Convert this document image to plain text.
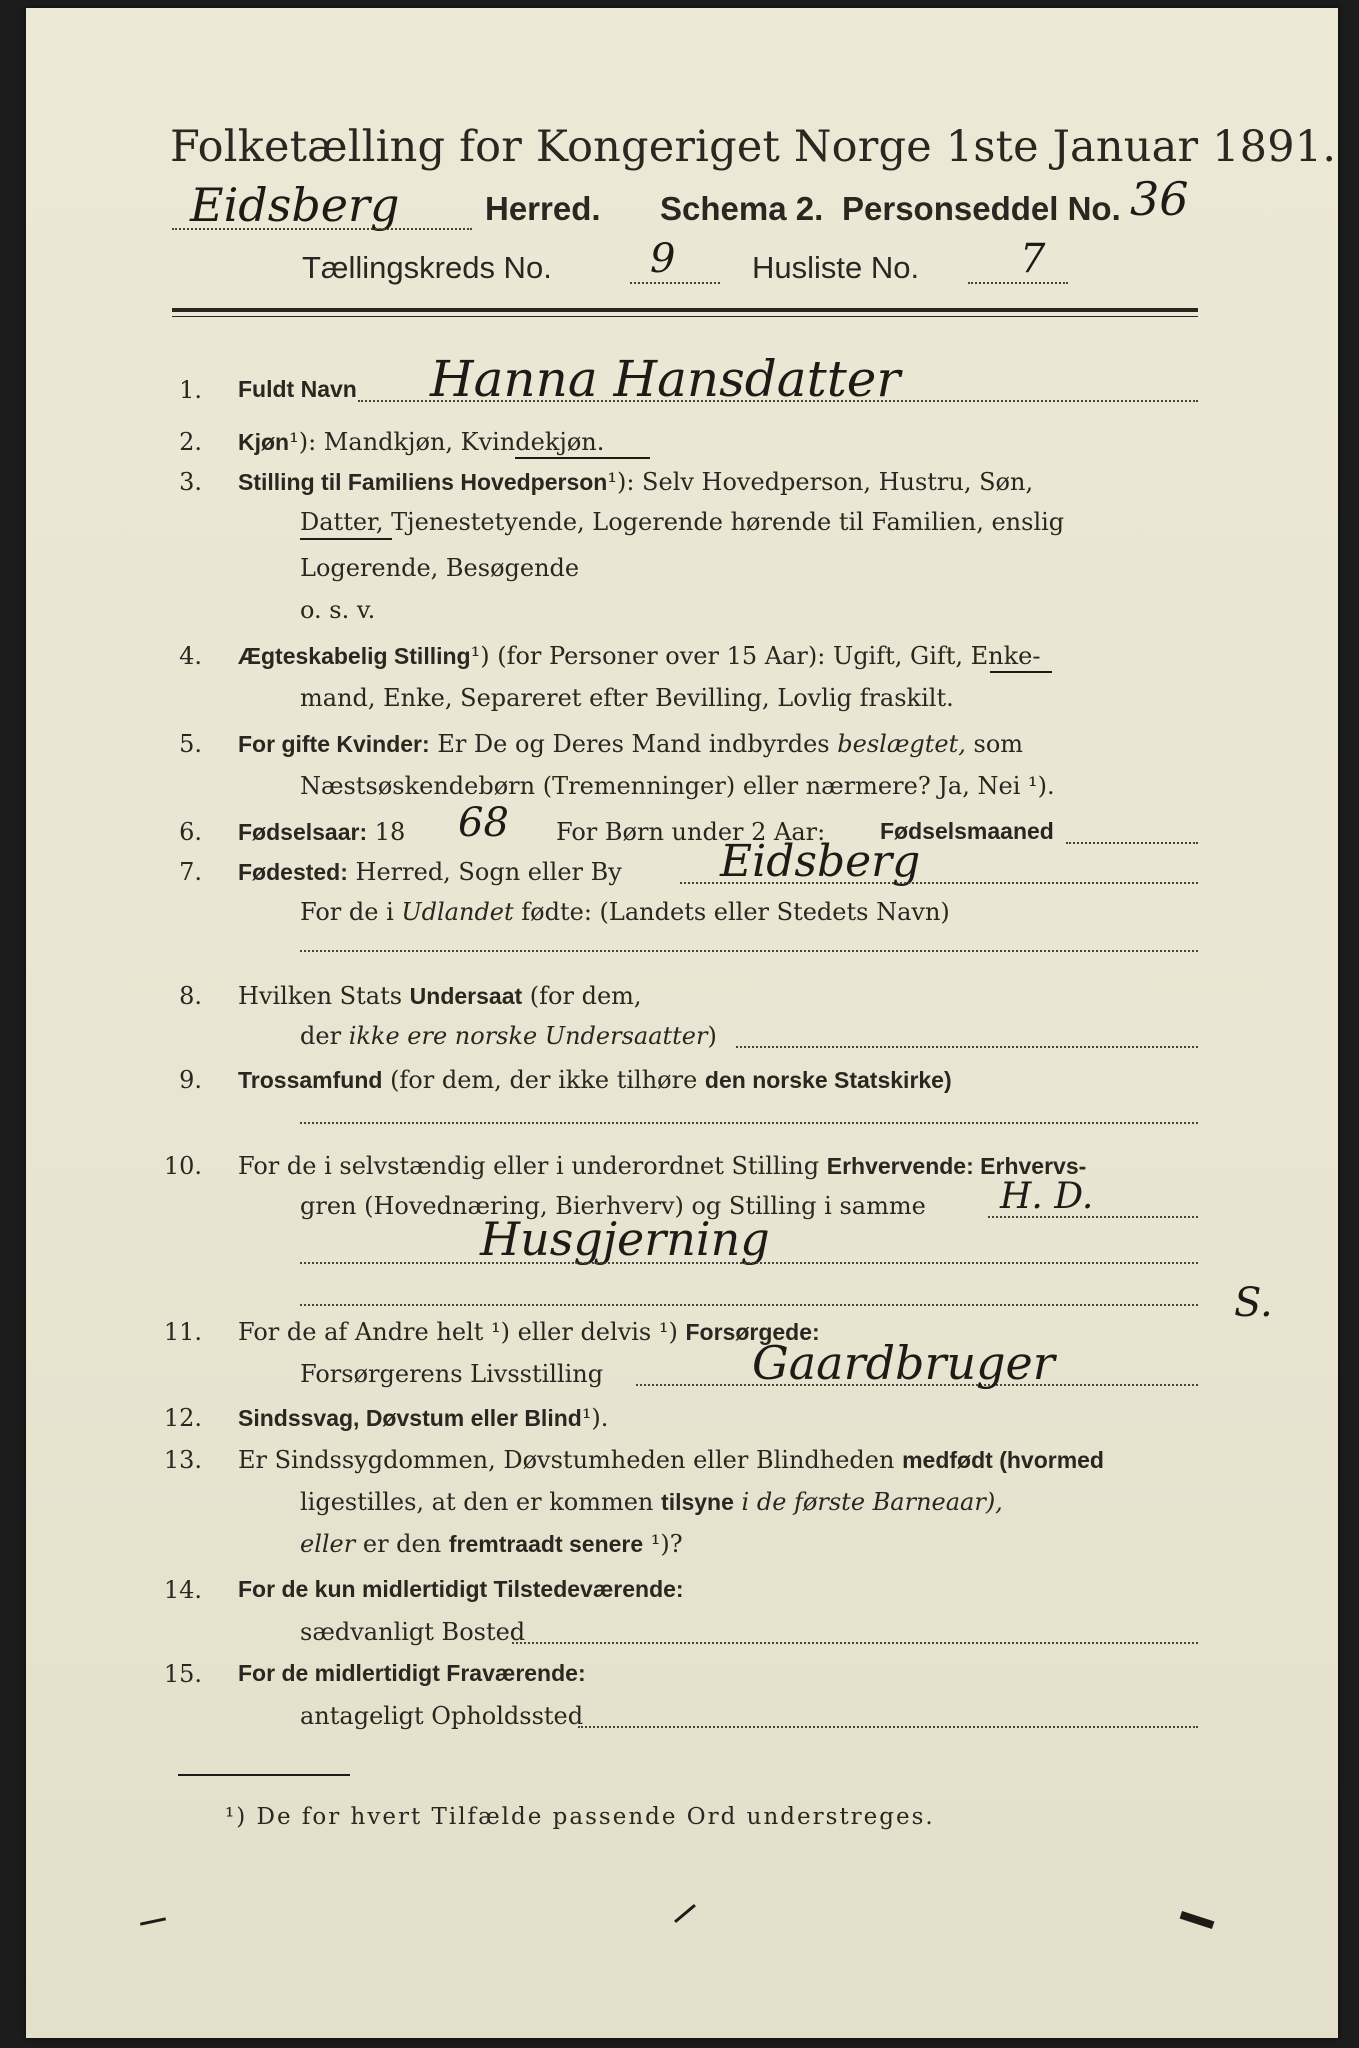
Folketælling for Kongeriget Norge 1ste Januar 1891.
Eidsberg	Herred. Schema 2. Personseddel No. 36
Tællingskreds No. 9 Husliste No.	7
1. Fuldt Navn Hanna Hansdatter
2. Kjøn¹): Mandkjøn, Kvindekjøn.
3. Stilling til Familiens Hovedperson¹): Selv Hovedperson, Hustru, Søn,
Datter, Tjenestetyende, Logerende hørende til Familien, enslig
Logerende, Besøgende
o. s. v.
4. Ægteskabelig Stilling¹) (for Personer over 15 Aar): Ugift, Gift, Enke-
mand, Enke, Separeret efter Bevilling, Lovlig fraskilt.
5. For gifte Kvinder: Er De og Deres Mand indbyrdes beslægtet, som
Næstsøskendebørn (Tremenninger) eller nærmere? Ja, Nei ¹).
6. Fødselsaar: 18 68 For Børn under 2 Aar: Fødselsmaaned
7. Fødested: Herred, Sogn eller By Eidsberg
For de i Udlandet fødte: (Landets eller Stedets Navn)
8. Hvilken Stats Undersaat (for dem,
der ikke ere norske Undersaatter)
9. Trossamfund (for dem, der ikke tilhøre den norske Statskirke)
10. For de i selvstændig eller i underordnet Stilling Erhvervende: Erhvervs-
gren (Hovednæring, Bierhverv) og Stilling i samme H. D.
Husgjerning
11. For de af Andre helt ¹) eller delvis ¹) Forsørgede:
S.
Forsørgerens Livsstilling	Gaardbruger
12. Sindssvag, Døvstum eller Blind¹).
13. Er Sindssygdommen, Døvstumheden eller Blindheden medfødt (hvormed
ligestilles, at den er kommen tilsyne i de første Barneaar),
eller er den fremtraadt senere ¹)?
14. For de kun midlertidigt Tilstedeværende:
sædvanligt Bosted
15. For de midlertidigt Fraværende:
antageligt Opholdssted
¹) De for hvert Tilfælde passende Ord understreges.
